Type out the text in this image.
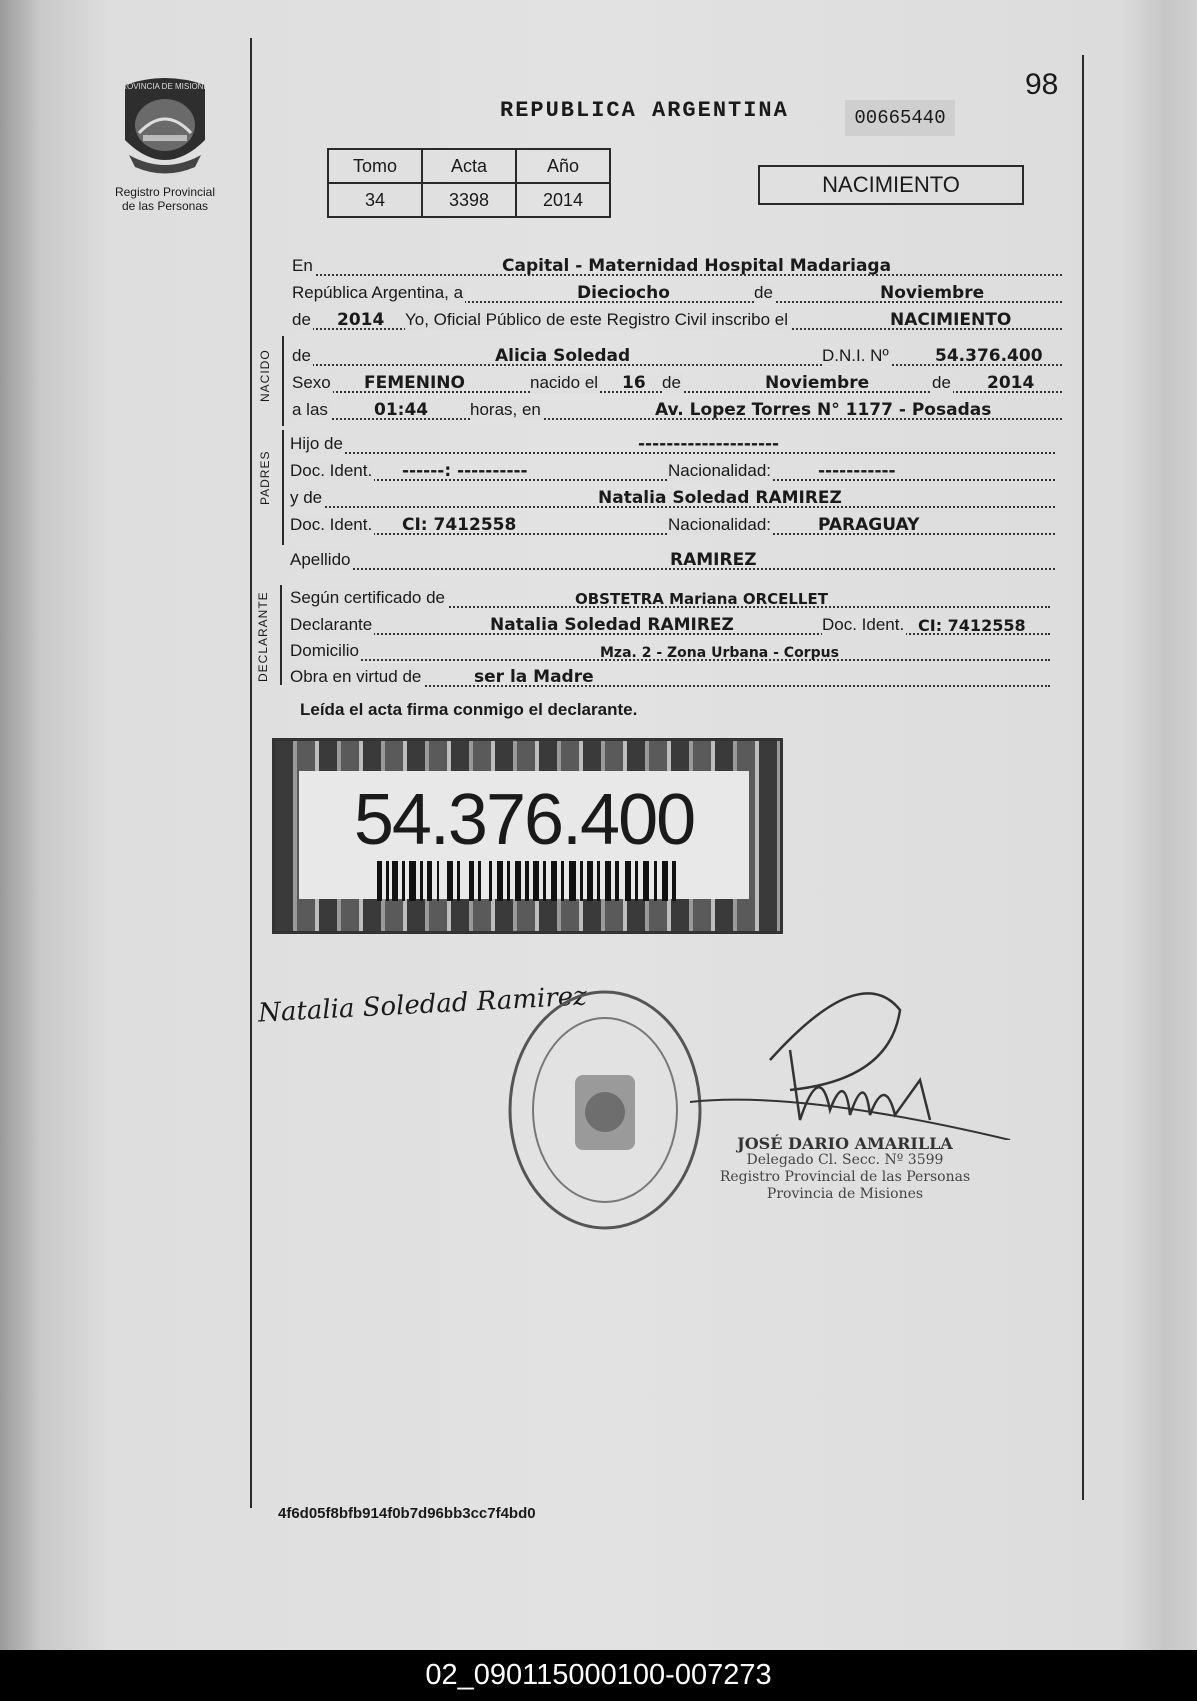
PROVINCIA DE MISIONES
Registro Provincial
de las Personas
98
REPUBLICA ARGENTINA	00665440
Tomo	Acta	Año
34	3398	2014
NACIMIENTO
En	Capital - Maternidad Hospital Madariaga
República Argentina, a	Dieciocho	de	Noviembre
de 2014 Yo, Oficial Público de este Registro Civil inscribo el	NACIMIENTO
NACIDO de	Alicia Soledad	D.N.I. Nº	54.376.400
Sexo FEMENINO	nacido el 16 de	Noviembre	de 2014
a las	01:44 horas, en	Av. Lopez Torres N° 1177 - Posadas
PADRES
Hijo de	--------------------
Doc. Ident. ------: ----------	Nacionalidad:	-----------
y de	Natalia Soledad RAMIREZ
Doc. Ident. CI: 7412558	Nacionalidad:	PARAGUAY
Apellido	RAMIREZ
DECLARANTE Según certificado de	OBSTETRA Mariana ORCELLET
Declarante	Natalia Soledad RAMIREZ	Doc. Ident. CI: 7412558
Domicilio	Mza. 2 - Zona Urbana - Corpus
Obra en virtud de	ser la Madre
Leída el acta firma conmigo el declarante.
54.376.400
Natalia Soledad Ramirez
JOSÉ DARIO AMARILLA
Delegado Cl. Secc. Nº 3599
Registro Provincial de las Personas
Provincia de Misiones
4f6d05f8bfb914f0b7d96bb3cc7f4bd0
02_090115000100-007273
